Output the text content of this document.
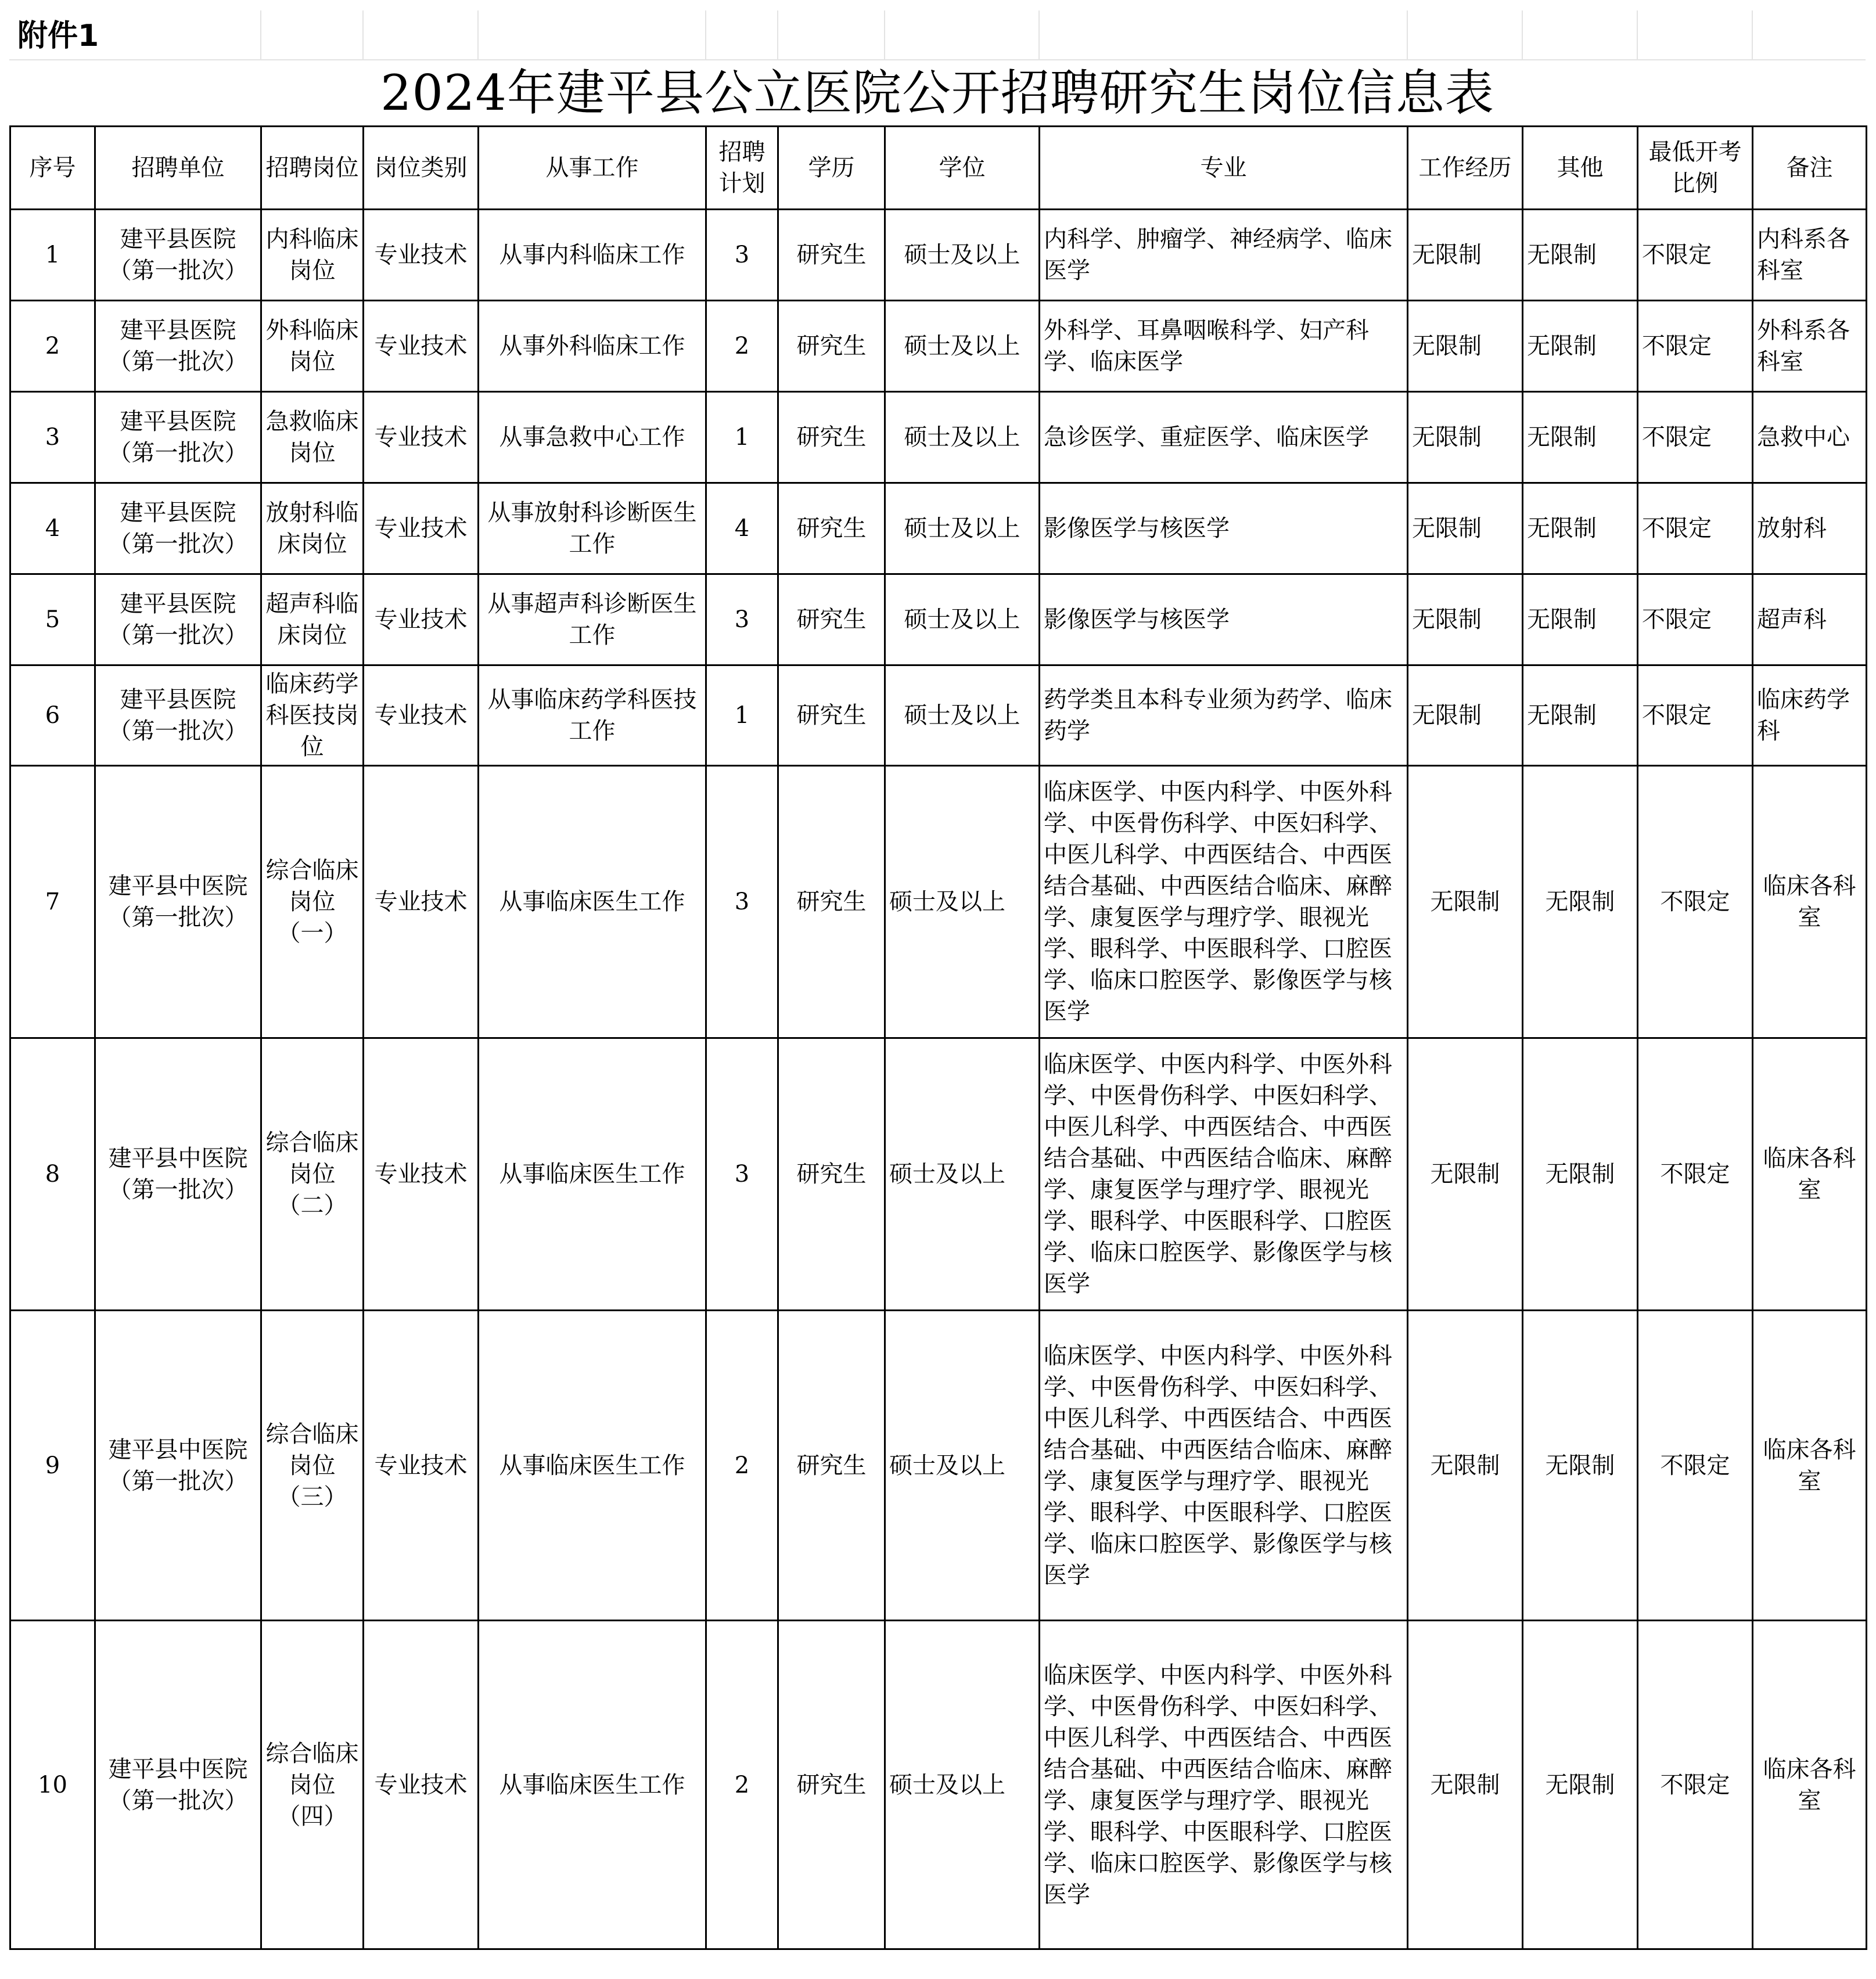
附件1
2024年建平县公立医院公开招聘研究生岗位信息表
序号	招聘单位	招聘岗位	岗位类别	从事工作	招聘计划	学历	学位	专业	工作经历	其他	最低开考比例	备注
1	建平县医院（第一批次）	内科临床岗位	专业技术	从事内科临床工作	3	研究生	硕士及以上	内科学、肿瘤学、神经病学、临床医学	无限制	无限制	不限定	内科系各科室
2	建平县医院（第一批次）	外科临床岗位	专业技术	从事外科临床工作	2	研究生	硕士及以上	外科学、耳鼻咽喉科学、妇产科学、临床医学	无限制	无限制	不限定	外科系各科室
3	建平县医院（第一批次）	急救临床岗位	专业技术	从事急救中心工作	1	研究生	硕士及以上	急诊医学、重症医学、临床医学	无限制	无限制	不限定	急救中心
4	建平县医院（第一批次）	放射科临床岗位	专业技术	从事放射科诊断医生工作	4	研究生	硕士及以上	影像医学与核医学	无限制	无限制	不限定	放射科
5	建平县医院（第一批次）	超声科临床岗位	专业技术	从事超声科诊断医生工作	3	研究生	硕士及以上	影像医学与核医学	无限制	无限制	不限定	超声科
6	建平县医院（第一批次）	临床药学科医技岗位	专业技术	从事临床药学科医技工作	1	研究生	硕士及以上	药学类且本科专业须为药学、临床药学	无限制	无限制	不限定	临床药学科
7	建平县中医院（第一批次）	综合临床岗位（一）	专业技术	从事临床医生工作	3	研究生	硕士及以上	临床医学、中医内科学、中医外科学、中医骨伤科学、中医妇科学、中医儿科学、中西医结合、中西医结合基础、中西医结合临床、麻醉学、康复医学与理疗学、眼视光学、眼科学、中医眼科学、口腔医学、临床口腔医学、影像医学与核医学	无限制	无限制	不限定	临床各科室
8	建平县中医院（第一批次）	综合临床岗位（二）	专业技术	从事临床医生工作	3	研究生	硕士及以上	临床医学、中医内科学、中医外科学、中医骨伤科学、中医妇科学、中医儿科学、中西医结合、中西医结合基础、中西医结合临床、麻醉学、康复医学与理疗学、眼视光学、眼科学、中医眼科学、口腔医学、临床口腔医学、影像医学与核医学	无限制	无限制	不限定	临床各科室
9	建平县中医院（第一批次）	综合临床岗位（三）	专业技术	从事临床医生工作	2	研究生	硕士及以上	临床医学、中医内科学、中医外科学、中医骨伤科学、中医妇科学、中医儿科学、中西医结合、中西医结合基础、中西医结合临床、麻醉学、康复医学与理疗学、眼视光学、眼科学、中医眼科学、口腔医学、临床口腔医学、影像医学与核医学	无限制	无限制	不限定	临床各科室
10	建平县中医院（第一批次）	综合临床岗位（四）	专业技术	从事临床医生工作	2	研究生	硕士及以上	临床医学、中医内科学、中医外科学、中医骨伤科学、中医妇科学、中医儿科学、中西医结合、中西医结合基础、中西医结合临床、麻醉学、康复医学与理疗学、眼视光学、眼科学、中医眼科学、口腔医学、临床口腔医学、影像医学与核医学	无限制	无限制	不限定	临床各科室
